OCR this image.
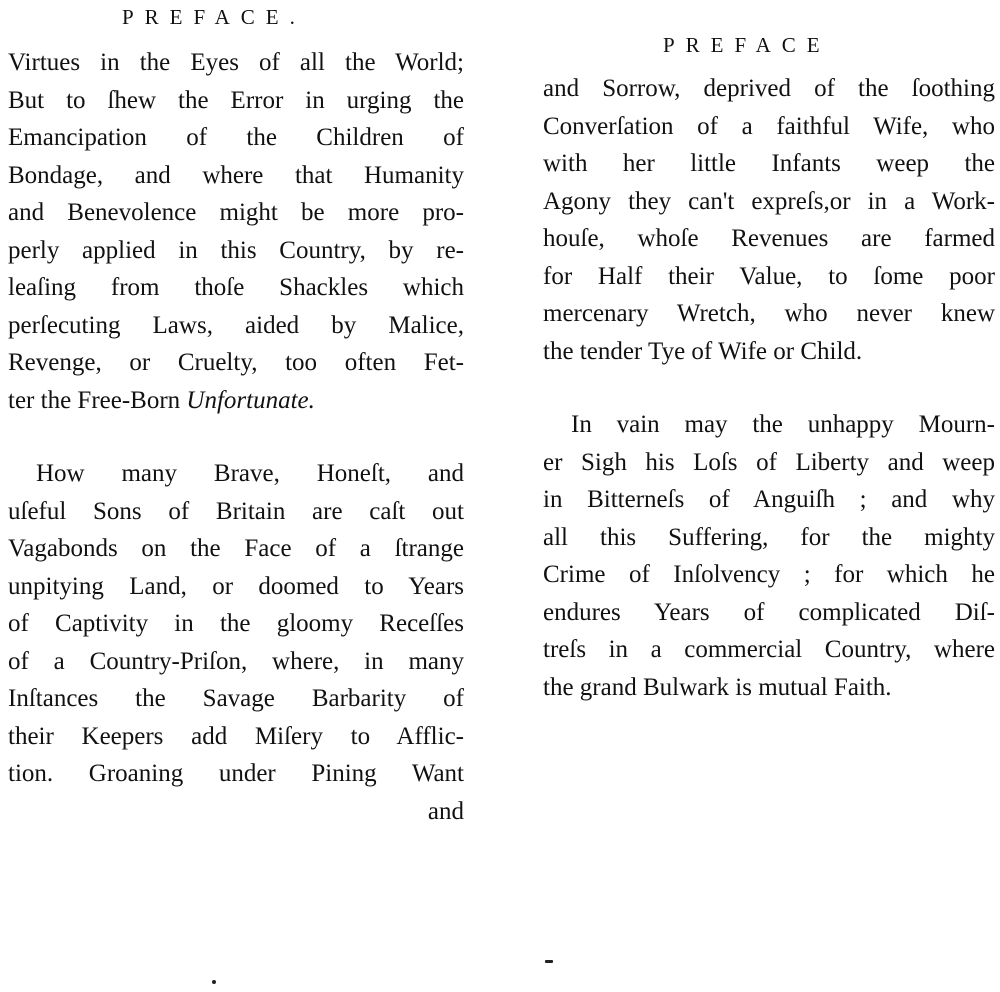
PREFACE.
Virtues in the Eyes of all the World;
But to ſhew the Error in urging the
Emancipation of the Children of
Bondage, and where that Humanity
and Benevolence might be more pro-
perly applied in this Country, by re-
leaſing from thoſe Shackles which
perſecuting Laws, aided by Malice,
Revenge, or Cruelty, too often Fet-
ter the Free-Born Unfortunate.
How many Brave, Honeſt, and
uſeful Sons of Britain are caſt out
Vagabonds on the Face of a ſtrange
unpitying Land, or doomed to Years
of Captivity in the gloomy Receſſes
of a Country-Priſon, where, in many
Inſtances the Savage Barbarity of
their Keepers add Miſery to Afflic-
tion. Groaning under Pining Want
and
PREFACE
and Sorrow, deprived of the ſoothing
Converſation of a faithful Wife, who
with her little Infants weep the
Agony they can't expreſs,or in a Work-
houſe, whoſe Revenues are farmed
for Half their Value, to ſome poor
mercenary Wretch, who never knew
the tender Tye of Wife or Child.
In vain may the unhappy Mourn-
er Sigh his Loſs of Liberty and weep
in Bitterneſs of Anguiſh ; and why
all this Suffering, for the mighty
Crime of Inſolvency ; for which he
endures Years of complicated Diſ-
treſs in a commercial Country, where
the grand Bulwark is mutual Faith.
